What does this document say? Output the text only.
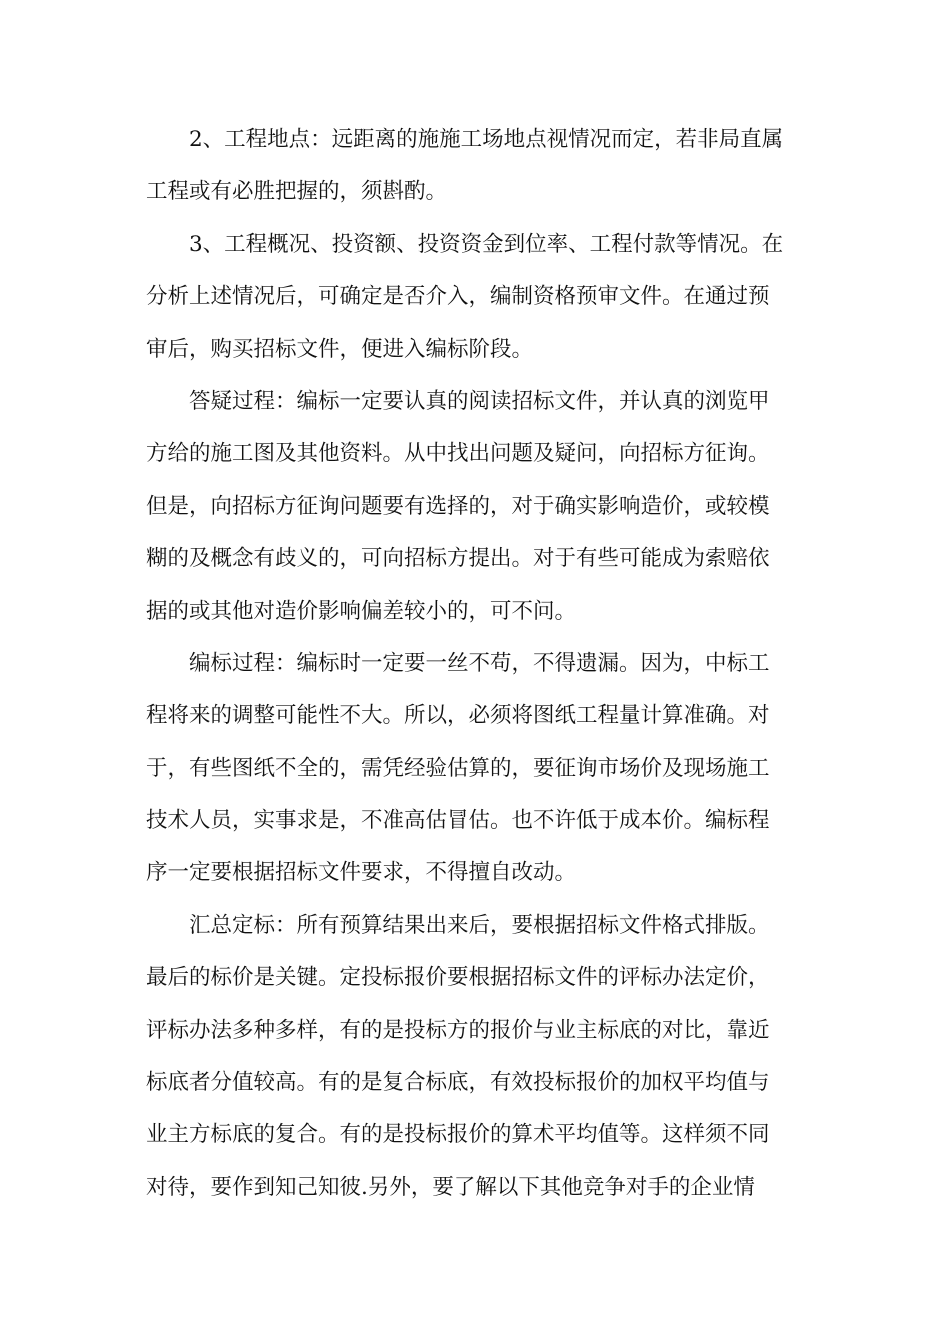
2、工程地点：远距离的施施工场地点视情况而定，若非局直属
工程或有必胜把握的，须斟酌。
3、工程概况、投资额、投资资金到位率、工程付款等情况。在
分析上述情况后，可确定是否介入，编制资格预审文件。在通过预
审后，购买招标文件，便进入编标阶段。
答疑过程：编标一定要认真的阅读招标文件，并认真的浏览甲
方给的施工图及其他资料。从中找出问题及疑问，向招标方征询。
但是，向招标方征询问题要有选择的，对于确实影响造价，或较模
糊的及概念有歧义的，可向招标方提出。对于有些可能成为索赔依
据的或其他对造价影响偏差较小的，可不问。
编标过程：编标时一定要一丝不苟，不得遗漏。因为，中标工
程将来的调整可能性不大。所以，必须将图纸工程量计算准确。对
于，有些图纸不全的，需凭经验估算的，要征询市场价及现场施工
技术人员，实事求是，不准高估冒估。也不许低于成本价。编标程
序一定要根据招标文件要求，不得擅自改动。
汇总定标：所有预算结果出来后，要根据招标文件格式排版。
最后的标价是关键。定投标报价要根据招标文件的评标办法定价，
评标办法多种多样，有的是投标方的报价与业主标底的对比，靠近
标底者分值较高。有的是复合标底，有效投标报价的加权平均值与
业主方标底的复合。有的是投标报价的算术平均值等。这样须不同
对待，要作到知己知彼.另外，要了解以下其他竞争对手的企业情
